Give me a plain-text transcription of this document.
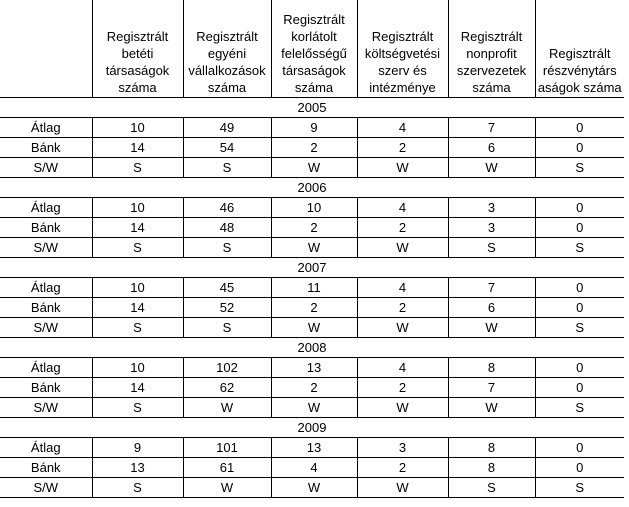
	Regisztrált
betéti
társaságok
száma	Regisztrált
egyéni
vállalkozások
száma	Regisztrált
korlátolt
felelősségű
társaságok
száma	Regisztrált
költségvetési
szerv és
intézménye	Regisztrált
nonprofit
szervezetek
száma	Regisztrált
részvénytárs
aságok száma

2005						
Átlag	10	49	9	4	7	0
Bánk	14	54	2	2	6	0
S/W	S	S	W	W	W	S
2006						
Átlag	10	46	10	4	3	0
Bánk	14	48	2	2	3	0
S/W	S	S	W	W	S	S
2007						
Átlag	10	45	11	4	7	0
Bánk	14	52	2	2	6	0
S/W	S	S	W	W	W	S
2008						
Átlag	10	102	13	4	8	0
Bánk	14	62	2	2	7	0
S/W	S	W	W	W	W	S
2009						
Átlag	9	101	13	3	8	0
Bánk	13	61	4	2	8	0
S/W	S	W	W	W	S	S
